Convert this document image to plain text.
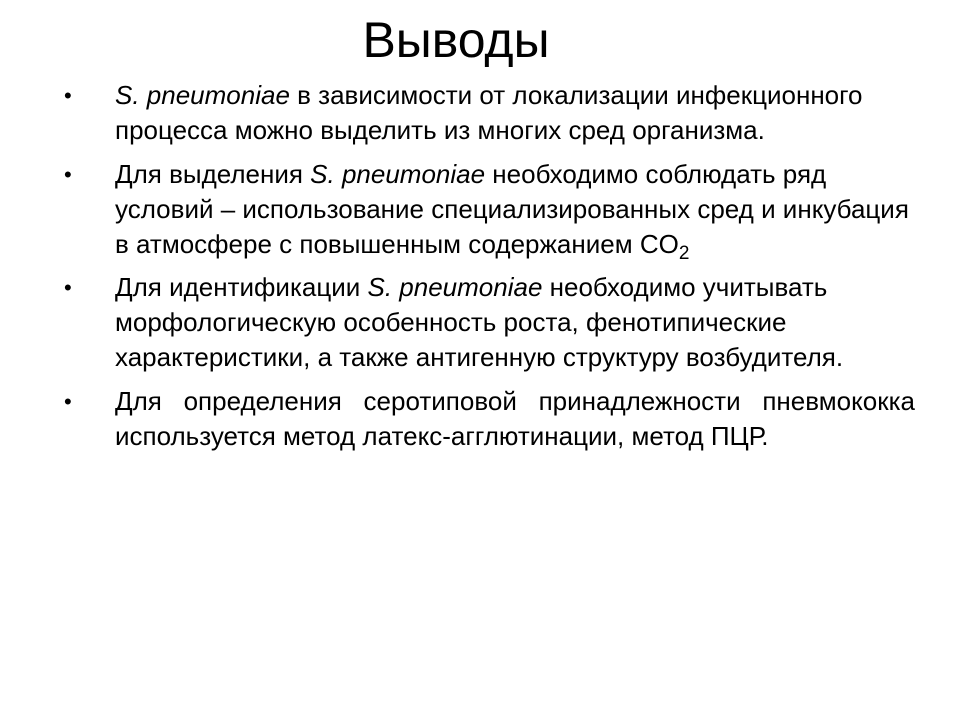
Выводы
• S. pneumoniae в зависимости от локализации инфекционного процесса можно выделить из многих сред организма.
• Для выделения S. pneumoniae необходимо соблюдать ряд условий – использование специализированных сред и инкубация в атмосфере с повышенным содержанием $CO_2$
• Для идентификации S. pneumoniae необходимо учитывать морфологическую особенность роста, фенотипические характеристики, а также антигенную структуру возбудителя.
• Для определения серотиповой принадлежности пневмококка используется метод латекс-агглютинации, метод ПЦР.
